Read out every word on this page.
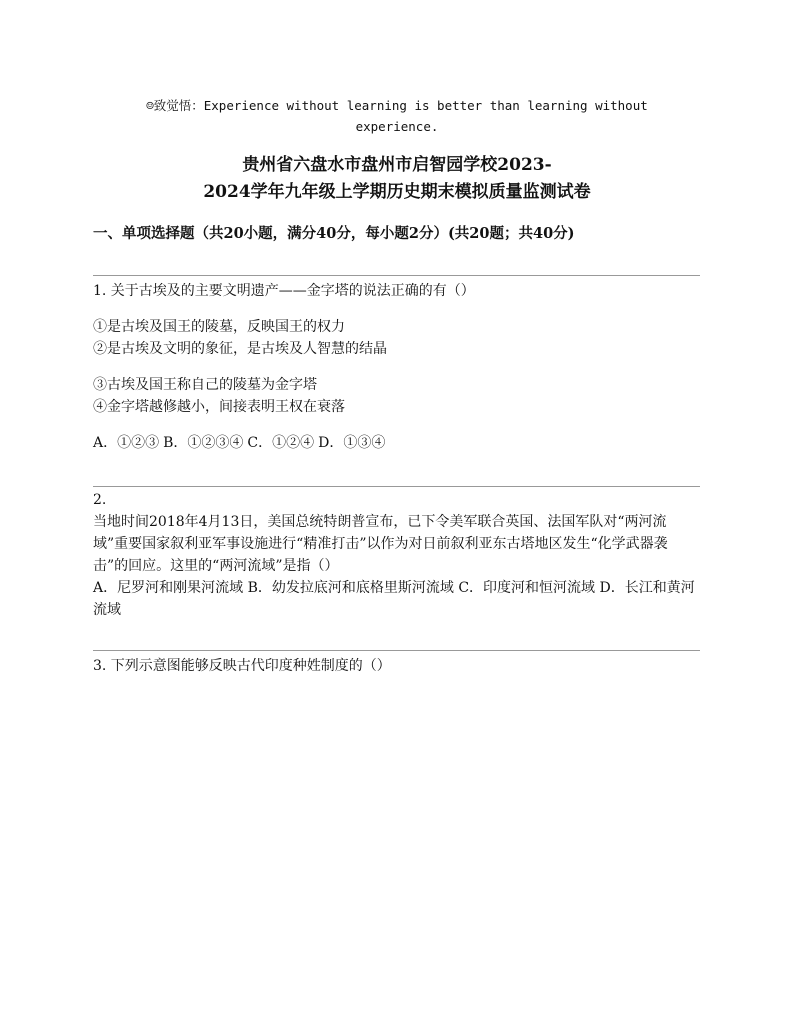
☺致觉悟：Experience without learning is better than learning without
experience.
贵州省六盘水市盘州市启智园学校2023-
2024学年九年级上学期历史期末模拟质量监测试卷
一、单项选择题（共20小题，满分40分，每小题2分）(共20题；共40分)
1. 关于古埃及的主要文明遗产——金字塔的说法正确的有（）
①是古埃及国王的陵墓，反映国王的权力
②是古埃及文明的象征，是古埃及人智慧的结晶
③古埃及国王称自己的陵墓为金字塔
④金字塔越修越小，间接表明王权在衰落
A．①②③ B．①②③④ C．①②④ D．①③④
2.
当地时间2018年4月13日，美国总统特朗普宣布，已下令美军联合英国、法国军队对“两河流域”重要国家叙利亚军事设施进行“精准打击”以作为对日前叙利亚东古塔地区发生“化学武器袭击”的回应。这里的“两河流域”是指（）
A．尼罗河和刚果河流域 B．幼发拉底河和底格里斯河流域 C．印度河和恒河流域 D．长江和黄河流域
3. 下列示意图能够反映古代印度种姓制度的（）
